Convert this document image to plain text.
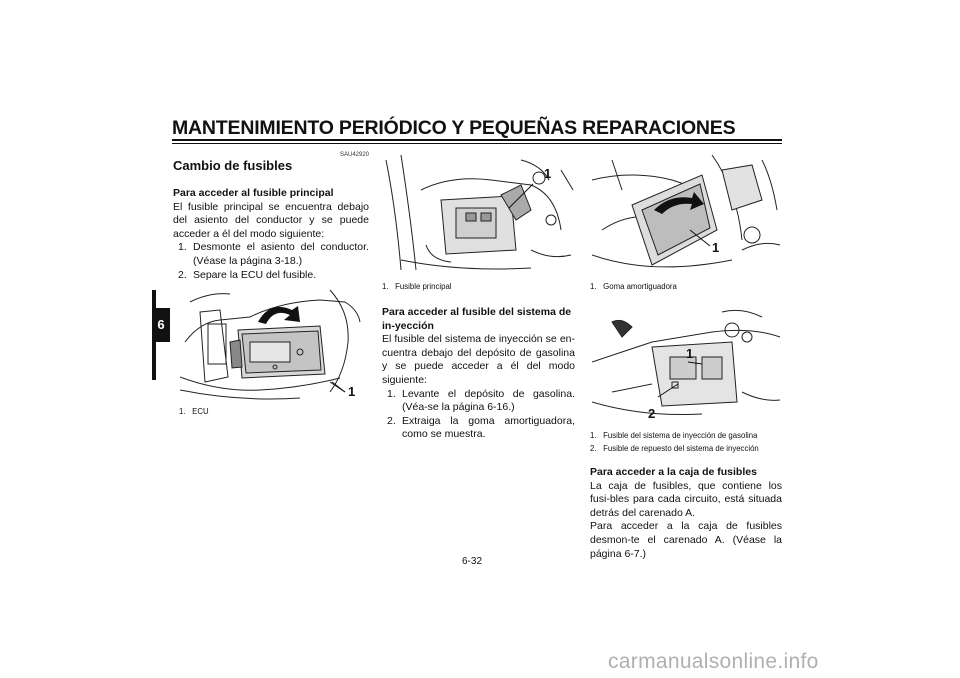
MANTENIMIENTO PERIÓDICO Y PEQUEÑAS REPARACIONES
6
SAU42920
Cambio de fusibles
Para acceder al fusible principal

El fusible principal se encuentra debajo del asiento del conductor y se puede acceder a él del modo siguiente:

1. Desmonte el asiento del conductor. (Véase la página 3-18.)
2. Separe la ECU del fusible.
1
1. ECU
1
1. Fusible principal
Para acceder al fusible del sistema de in-yección

El fusible del sistema de inyección se en-cuentra debajo del depósito de gasolina y se puede acceder a él del modo siguiente:

1. Levante el depósito de gasolina. (Véa-se la página 6-16.)
2. Extraiga la goma amortiguadora, como se muestra.
1
1. Goma amortiguadora
1
2
1. Fusible del sistema de inyección de gasolina
2. Fusible de repuesto del sistema de inyección
Para acceder a la caja de fusibles

La caja de fusibles, que contiene los fusi-bles para cada circuito, está situada detrás del carenado A.

Para acceder a la caja de fusibles desmon-te el carenado A. (Véase la página 6-7.)

6-32
carmanualsonline.info
